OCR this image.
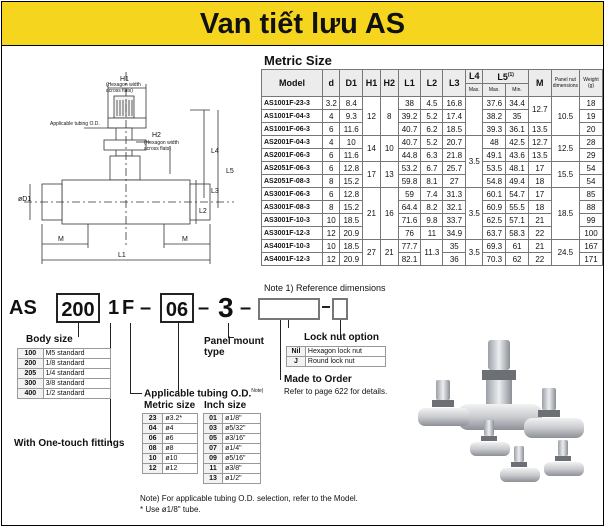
Van tiết lưu AS
H1
(Hexagon width across flats)
Applicable tubing O.D.
H2
(Hexagon width across flats)	L4
L5
L3
L2
øD1
M	M
L1
Metric Size
Model	d	D1	H1	H2	L1	L2	L3	L4	L5$^{(1)}$		M	Panel nut dimensions	Weight (g)
								Max.	Max.	Min.			
AS1001F-23-3	3.2	8.4	12	8	38	4.5	16.8		37.6	34.4	12.7	10.5	18
AS1001F-04-3	4	9.3			39.2	5.2	17.4		38.2	35			19
AS1001F-06-3	6	11.6			40.7	6.2	18.5		39.3	36.1	13.5		20
AS2001F-04-3	4	10	14	10	40.7	5.2	20.7	3.5	48	42.5	12.7	12.5	28
AS2001F-06-3	6	11.6			44.8	6.3	21.8		49.1	43.6	13.5		29
AS2051F-06-3	6	12.8	17	13	53.2	6.7	25.7		53.5	48.1	17	15.5	54
AS2051F-08-3	8	15.2			59.8	8.1	27		54.8	49.4	18		54
AS3001F-06-3	6	12.8	21	16	59	7.4	31.3	3.5	60.1	54.7	17	18.5	85
AS3001F-08-3	8	15.2			64.4	8.2	32.1		60.9	55.5	18		88
AS3001F-10-3	10	18.5			71.6	9.8	33.7		62.5	57.1	21		99
AS3001F-12-3	12	20.9			76	11	34.9		63.7	58.3	22		100
AS4001F-10-3	10	18.5	27	21	77.7	11.3	35	3.5	69.3	61	21	24.5	167
AS4001F-12-3	12	20.9			82.1		36		70.3	62	22		171
Note 1) Reference dimensions
AS 200 1 F – 06 – 3 –
Body size
100	M5 standard
200	1/8 standard
205	1/4 standard
300	3/8 standard
400	1/2 standard
With One-touch fittings
Panel mount type
Lock nut option
Nil	Hexagon lock nut
J	Round lock nut
Made to Order
Refer to page 622 for details.
Applicable tubing O.D.$^{Note)}$
Metric size Inch size
23	ø3.2*
04	ø4
06	ø6
08	ø8
10	ø10
12	ø12
01	ø1/8"
03	ø5/32"
05	ø3/16"
07	ø1/4"
09	ø5/16"
11	ø3/8"
13	ø1/2"
Note) For applicable tubing O.D. selection, refer to the Model.
* Use ø1/8" tube.
